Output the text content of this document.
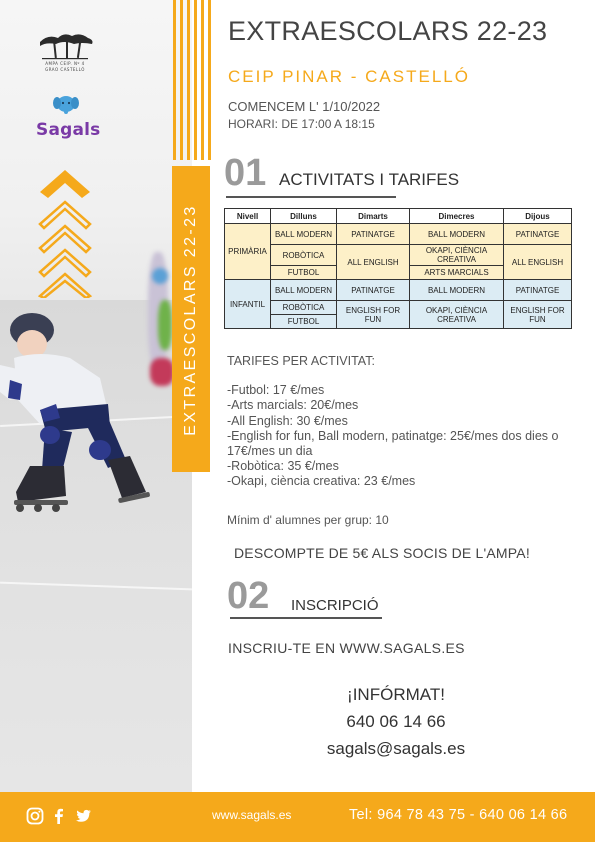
AMPA CEIP. Nº 4
GRAO CASTELLÓ
Sagals
EXTRAESCOLARS 22-23
EXTRAESCOLARS 22-23
CEIP PINAR - CASTELLÓ
COMENCEM L' 1/10/2022
HORARI: DE 17:00 A 18:15
01 ACTIVITATS I TARIFES
Nivell	Dilluns	Dimarts	Dimecres	Dijous
PRIMÀRIA	BALL MODERN	PATINATGE	BALL MODERN	PATINATGE
	ROBÒTICA	ALL ENGLISH	OKAPI, CIÈNCIA CREATIVA	ALL ENGLISH
	FUTBOL		ARTS MARCIALS	
INFANTIL	BALL MODERN	PATINATGE	BALL MODERN	PATINATGE
	ROBÒTICA	ENGLISH FOR FUN	OKAPI, CIÈNCIA CREATIVA	ENGLISH FOR FUN
	FUTBOL			
TARIFES PER ACTIVITAT:
-Futbol: 17 €/mes
-Arts marcials: 20€/mes
-All English: 30 €/mes
-English for fun, Ball modern, patinatge: 25€/mes dos dies o 17€/mes un dia
-Robòtica: 35 €/mes
-Okapi, ciència creativa: 23 €/mes
Mínim d' alumnes per grup: 10
DESCOMPTE DE 5€ ALS SOCIS DE L'AMPA!
02 INSCRIPCIÓ
INSCRIU-TE EN WWW.SAGALS.ES
¡INFÓRMAT!
640 06 14 66
sagals@sagals.es
www.sagals.es	Tel: 964 78 43 75 - 640 06 14 66
